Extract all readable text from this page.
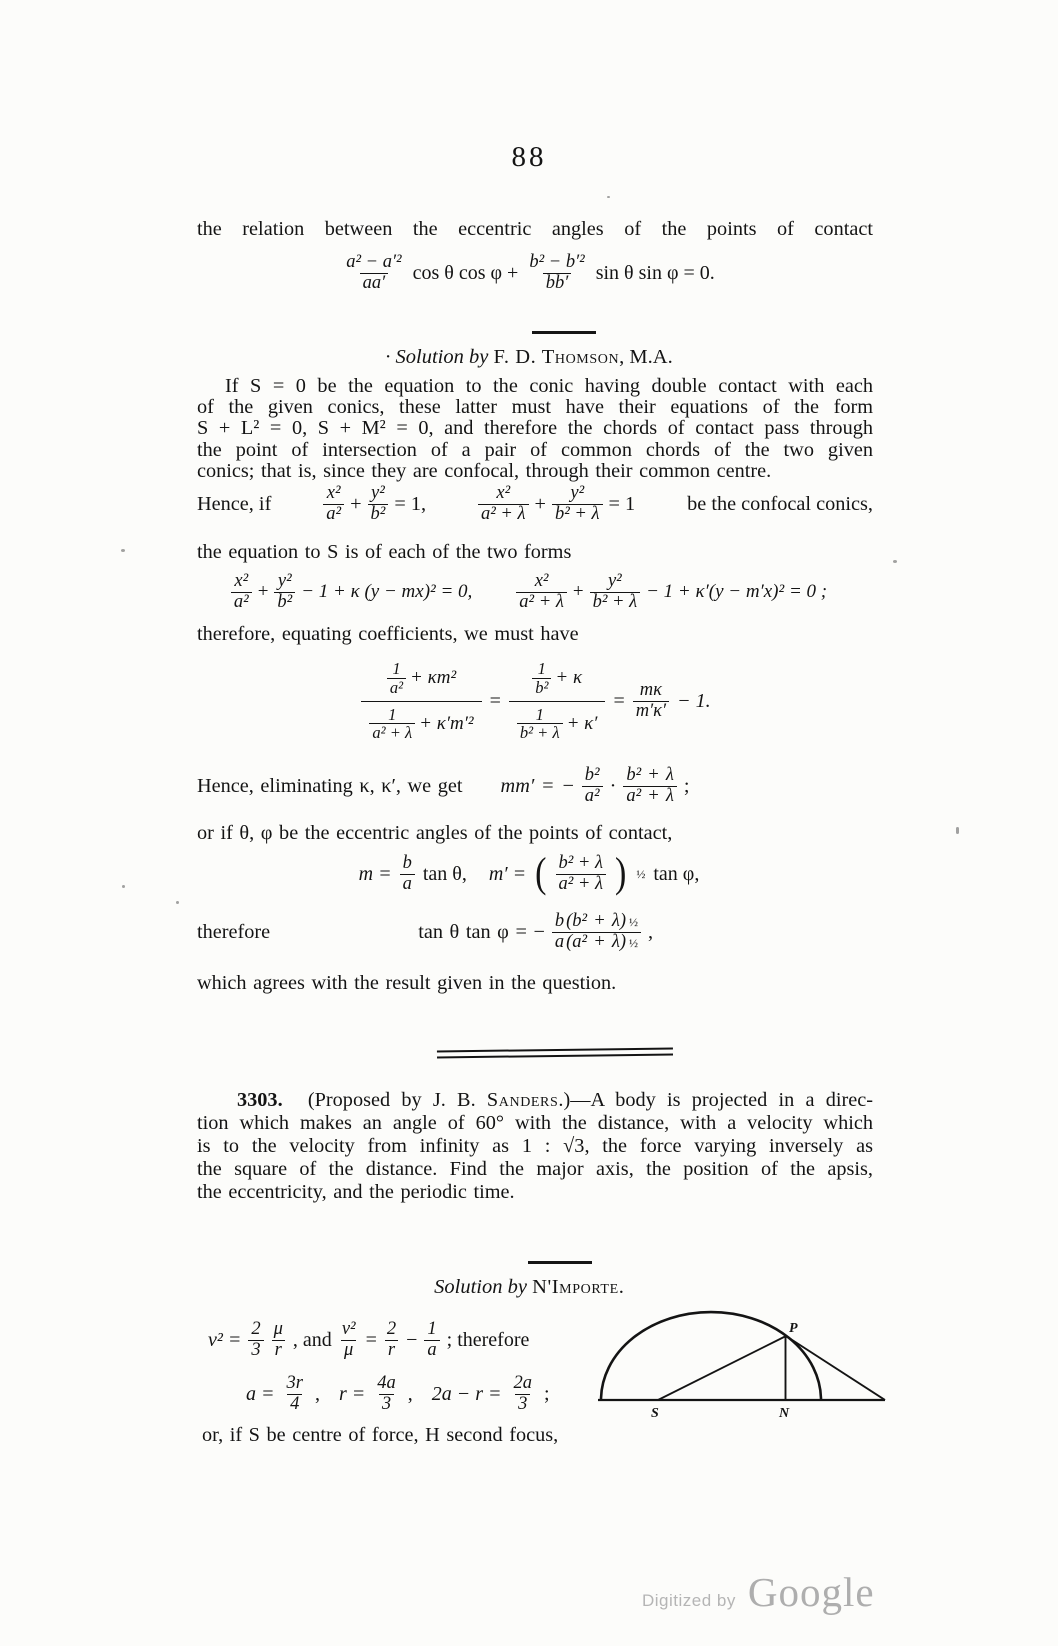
88
the relation between the eccentric angles of the points of contact
$\frac{\text{a² − a′²}}{aa'}$ cos θ $\cos \varphi + \frac{\text{b² − b′²}}{bb'}$ sin θ sin φ = 0.
· Solution by F. D. Thomson, M.A.
If S = 0 be the equation to the conic having double contact with each
of the given conics, these latter must have their equations of the form
S + L² = 0, S + M² = 0, and therefore the chords of contact pass through
the point of intersection of a pair of common chords of the two given
conics; that is, since they are confocal, through their common centre.
Hence, if	$\frac{\text{x²}}{\text{a²}} + \frac{\text{y²}}{\text{b²}} = 1$,	$\frac{\text{x²}}{\text{a² + λ}} + \frac{\text{y²}}{\text{b² + λ}} = 1$	be the confocal conics,
the equation to S is of each of the two forms
$\frac{\text{x²}}{\text{a²}} + \frac{\text{y²}}{\text{b²}} - 1 + \kappa$ (y − mx)² = 0, $\frac{\text{x²}}{\text{a² + λ}} + \frac{\text{y²}}{\text{b² + λ}} - 1 + \kappa'(y - m'x)^2 = 0$ ;
therefore, equating coefficients, we must have
$\frac{\frac{1}{\text{a²}} + \kappa m^2}{\frac{1}{\text{a² + λ}} + \kappa'm'^2} = \frac{\frac{1}{\text{b²}} + \kappa}{\frac{1}{\text{b² + λ}} + \kappa'} = \frac{m\kappa}{m'\kappa'} - 1$.
Hence, eliminating κ, κ′, we get mm′ = − $\frac{\text{b²}}{\text{a²}} \cdot \frac{\text{b² + λ}}{\text{a² + λ}}$ ;
or if θ, φ be the eccentric angles of the points of contact,
$m = \frac{b}{a}$ tan θ, m′ = ( $\frac{\text{b² + λ}}{\text{a² + λ}}$ ) ½ tan φ,
therefore	tan θ tan φ = − $\frac{\text{b (b² + λ) ½}}{\text{a (a² + λ) ½}}$ ,
which agrees with the result given in the question.
3303. (Proposed by J. B. Sanders.)—A body is projected in a direc-
tion which makes an angle of 60° with the distance, with a velocity which
is to the velocity from infinity as 1 : √3, the force varying inversely as
the square of the distance. Find the major axis, the position of the apsis,
the eccentricity, and the periodic time.
Solution by N'Importe.
$v^2 = \frac{2}{3} \frac{\mu}{r}$ , and $\frac{\text{v²}}{\mu} = \frac{2}{r} - \frac{1}{a}$ ; therefore
$a = \frac{3r}{4}$ , $r = \frac{4a}{3}$ , $2a - r = \frac{2a}{3}$ ;
or, if S be centre of force, H second focus,
S	N
P
Digitized by Google
